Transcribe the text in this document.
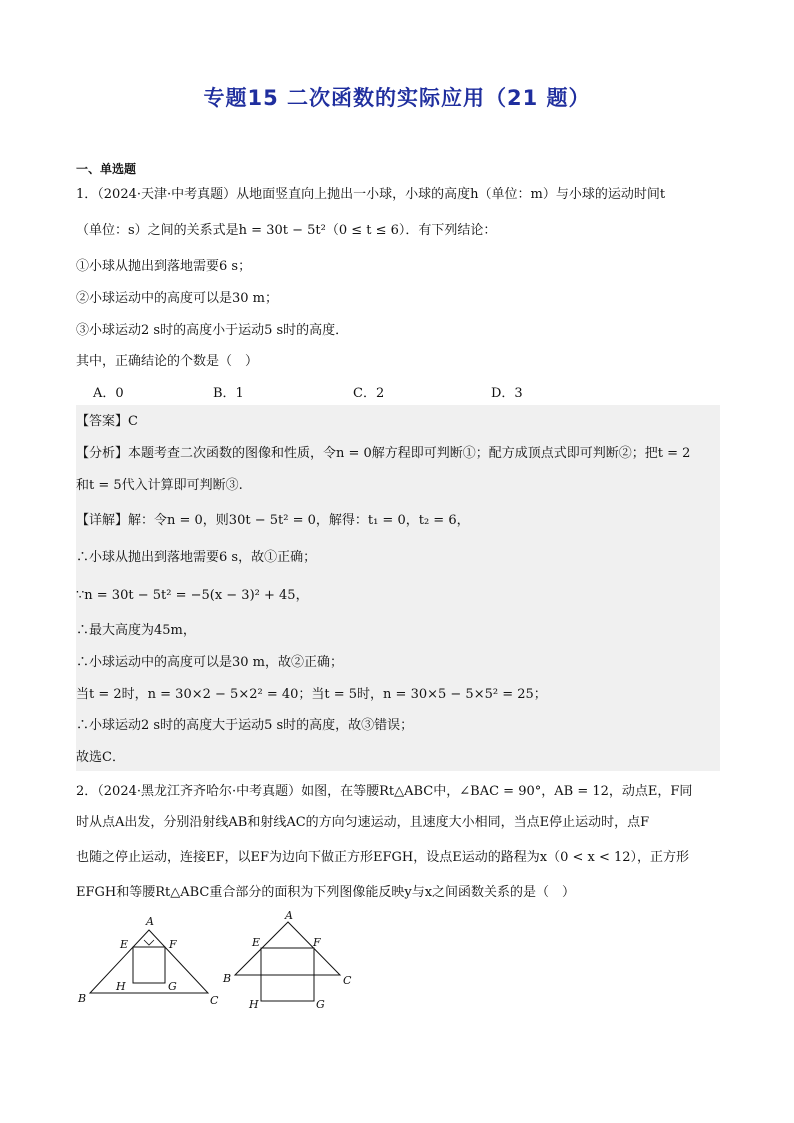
专题15 二次函数的实际应用（21 题）
一、单选题
1．（2024·天津·中考真题）从地面竖直向上抛出一小球，小球的高度h（单位：m）与小球的运动时间t
（单位：s）之间的关系式是h = 30t − 5t²（0 ≤ t ≤ 6）．有下列结论：
①小球从抛出到落地需要6 s；
②小球运动中的高度可以是30 m；
③小球运动2 s时的高度小于运动5 s时的高度．
其中，正确结论的个数是（　）
A．0	B．1	C．2	D．3
【答案】C
【分析】本题考查二次函数的图像和性质，令n = 0解方程即可判断①；配方成顶点式即可判断②；把t = 2
和t = 5代入计算即可判断③.
【详解】解：令n = 0，则30t − 5t² = 0，解得：t₁ = 0，t₂ = 6，
∴小球从抛出到落地需要6 s，故①正确；
∵n = 30t − 5t² = −5(x − 3)² + 45，
∴最大高度为45m，
∴小球运动中的高度可以是30 m，故②正确；
当t = 2时，n = 30×2 − 5×2² = 40；当t = 5时，n = 30×5 − 5×5² = 25；
∴小球运动2 s时的高度大于运动5 s时的高度，故③错误；
故选C．
2．（2024·黑龙江齐齐哈尔·中考真题）如图，在等腰Rt△ABC中，∠BAC = 90°，AB = 12，动点E，F同
时从点A出发，分别沿射线AB和射线AC的方向匀速运动，且速度大小相同，当点E停止运动时，点F
也随之停止运动，连接EF，以EF为边向下做正方形EFGH，设点E运动的路程为x（0 < x < 12），正方形
EFGH和等腰Rt△ABC重合部分的面积为下列图像能反映y与x之间函数关系的是（　）
A
B	C
E	F
H	G
A
B	C
E	F
H	G
